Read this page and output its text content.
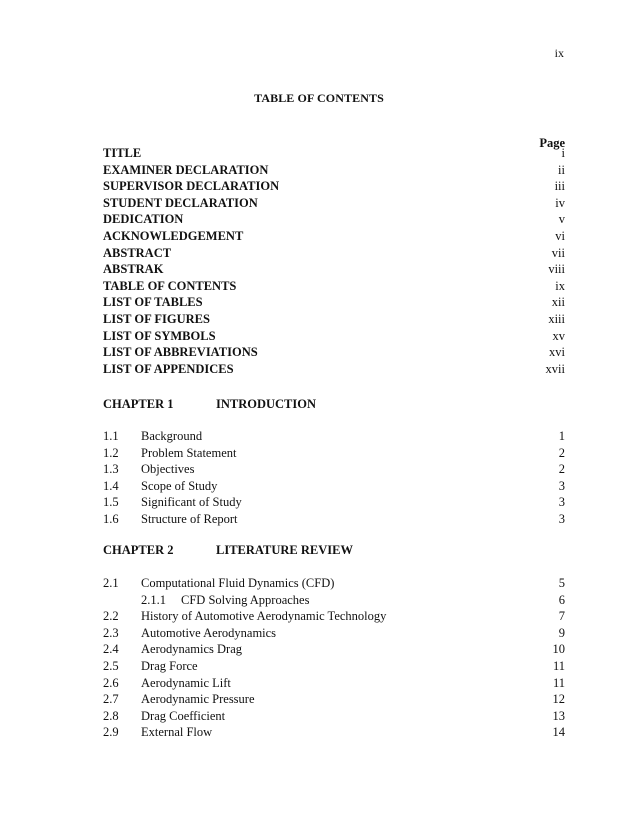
ix
TABLE OF CONTENTS
Page
TITLE	i
EXAMINER DECLARATION	ii
SUPERVISOR DECLARATION	iii
STUDENT DECLARATION	iv
DEDICATION	v
ACKNOWLEDGEMENT	vi
ABSTRACT	vii
ABSTRAK	viii
TABLE OF CONTENTS	ix
LIST OF TABLES	xii
LIST OF FIGURES	xiii
LIST OF SYMBOLS	xv
LIST OF ABBREVIATIONS	xvi
LIST OF APPENDICES	xvii
CHAPTER 1	INTRODUCTION
1.1	Background	1
1.2	Problem Statement	2
1.3	Objectives	2
1.4	Scope of Study	3
1.5	Significant of Study	3
1.6	Structure of Report	3
CHAPTER 2	LITERATURE REVIEW
2.1	Computational Fluid Dynamics (CFD)	5
2.1.1	CFD Solving Approaches	6
2.2	History of Automotive Aerodynamic Technology	7
2.3	Automotive Aerodynamics	9
2.4	Aerodynamics Drag	10
2.5	Drag Force	11
2.6	Aerodynamic Lift	11
2.7	Aerodynamic Pressure	12
2.8	Drag Coefficient	13
2.9	External Flow	14
